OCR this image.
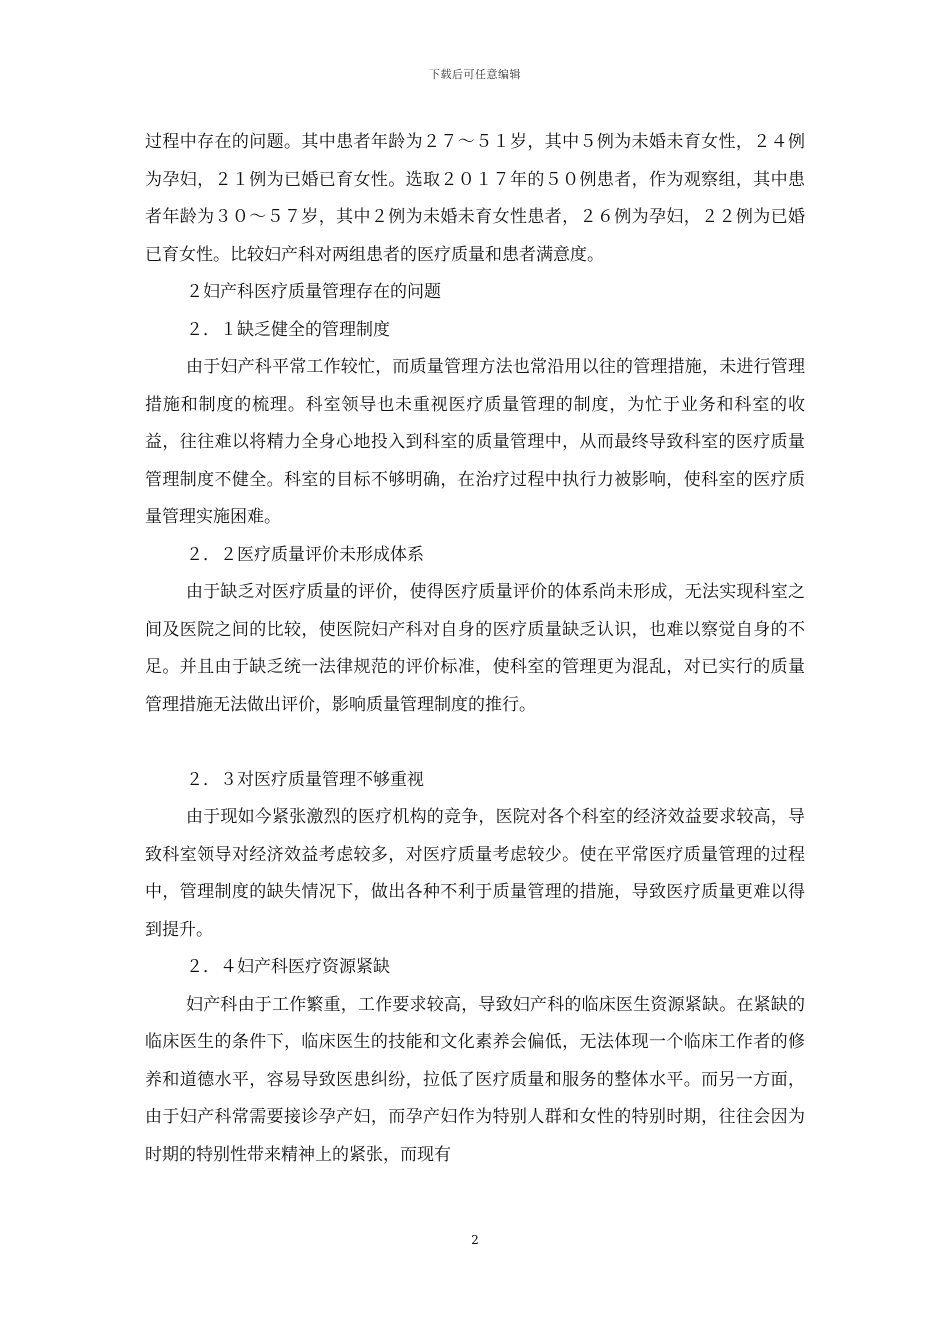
下载后可任意编辑

过程中存在的问题。其中患者年龄为２７～５１岁，其中５例为未婚未育女性，２４例为孕妇，２１例为已婚已育女性。选取２０１７年的５０例患者，作为观察组，其中患者年龄为３０～５７岁，其中２例为未婚未育女性患者，２６例为孕妇，２２例为已婚已育女性。比较妇产科对两组患者的医疗质量和患者满意度。

２妇产科医疗质量管理存在的问题

２．１缺乏健全的管理制度

由于妇产科平常工作较忙，而质量管理方法也常沿用以往的管理措施，未进行管理措施和制度的梳理。科室领导也未重视医疗质量管理的制度，为忙于业务和科室的收益，往往难以将精力全身心地投入到科室的质量管理中，从而最终导致科室的医疗质量管理制度不健全。科室的目标不够明确，在治疗过程中执行力被影响，使科室的医疗质量管理实施困难。

２．２医疗质量评价未形成体系

由于缺乏对医疗质量的评价，使得医疗质量评价的体系尚未形成，无法实现科室之间及医院之间的比较，使医院妇产科对自身的医疗质量缺乏认识，也难以察觉自身的不足。并且由于缺乏统一法律规范的评价标准，使科室的管理更为混乱，对已实行的质量管理措施无法做出评价，影响质量管理制度的推行。

２．３对医疗质量管理不够重视

由于现如今紧张激烈的医疗机构的竞争，医院对各个科室的经济效益要求较高，导致科室领导对经济效益考虑较多，对医疗质量考虑较少。使在平常医疗质量管理的过程中，管理制度的缺失情况下，做出各种不利于质量管理的措施，导致医疗质量更难以得到提升。

２．４妇产科医疗资源紧缺

妇产科由于工作繁重，工作要求较高，导致妇产科的临床医生资源紧缺。在紧缺的临床医生的条件下，临床医生的技能和文化素养会偏低，无法体现一个临床工作者的修养和道德水平，容易导致医患纠纷，拉低了医疗质量和服务的整体水平。而另一方面，由于妇产科常需要接诊孕产妇，而孕产妇作为特别人群和女性的特别时期，往往会因为时期的特别性带来精神上的紧张，而现有

2
